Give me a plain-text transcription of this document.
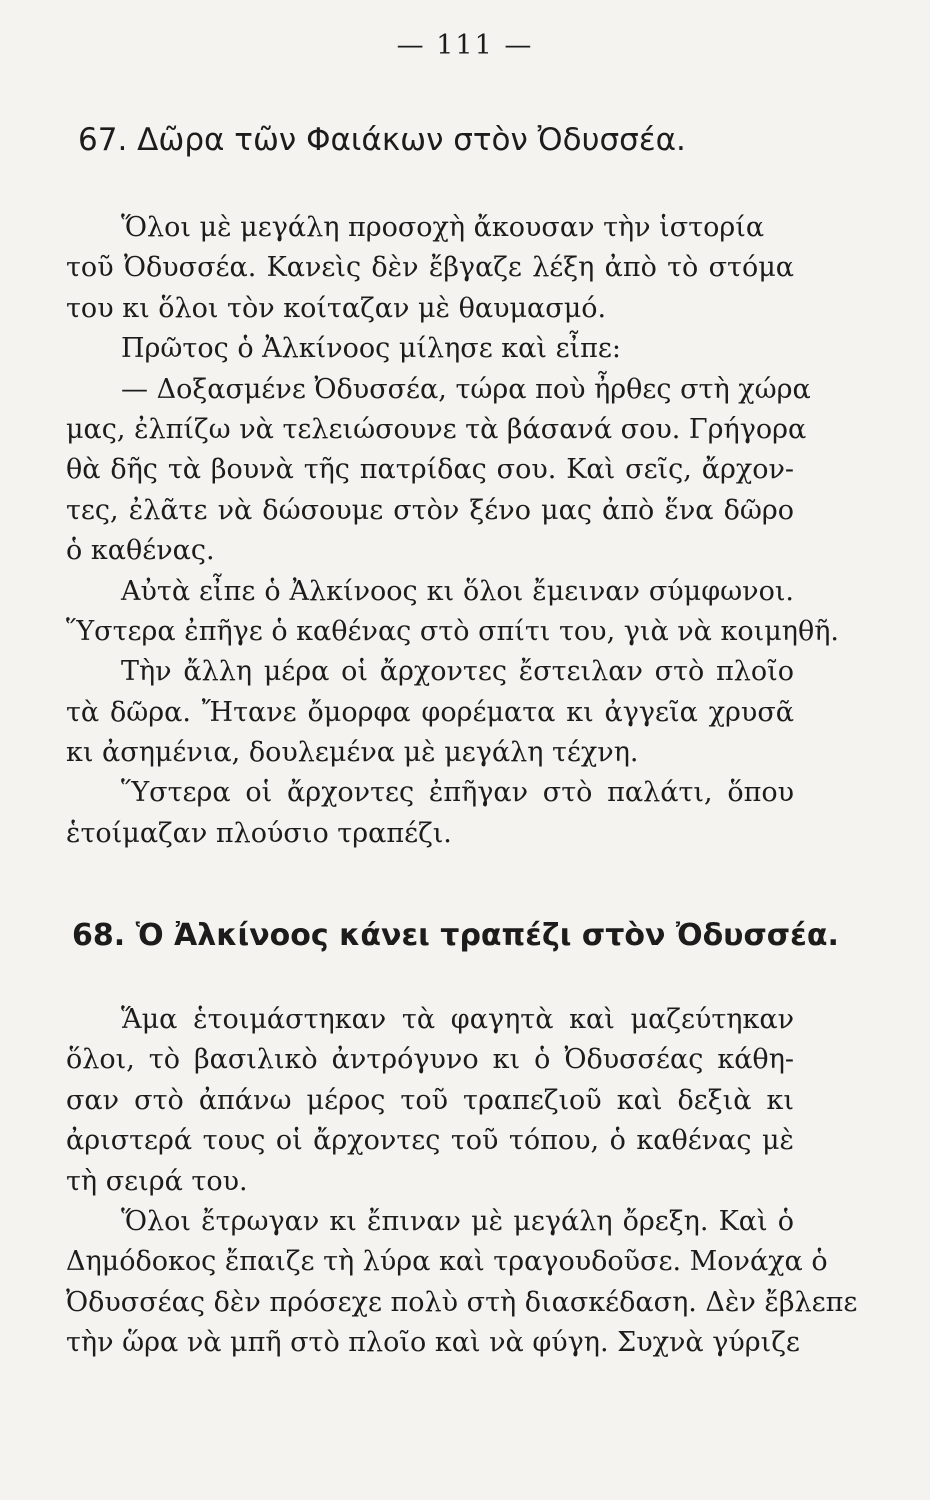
— 111 —
67. Δῶρα τῶν Φαιάκων στὸν Ὀδυσσέα.
Ὅλοι μὲ μεγάλη προσοχὴ ἄκουσαν τὴν ἱστορία
τοῦ Ὀδυσσέα. Κανεὶς δὲν ἔβγαζε λέξη ἀπὸ τὸ στόμα
του κι ὅλοι τὸν κοίταζαν μὲ θαυμασμό.
Πρῶτος ὁ Ἀλκίνοος μίλησε καὶ εἶπε:
— Δοξασμένε Ὀδυσσέα, τώρα ποὺ ἦρθες στὴ χώρα
μας, ἐλπίζω νὰ τελειώσουνε τὰ βάσανά σου. Γρήγορα
θὰ δῆς τὰ βουνὰ τῆς πατρίδας σου. Καὶ σεῖς, ἄρχον-
τες, ἐλᾶτε νὰ δώσουμε στὸν ξένο μας ἀπὸ ἕνα δῶρο
ὁ καθένας.
Αὐτὰ εἶπε ὁ Ἀλκίνοος κι ὅλοι ἔμειναν σύμφωνοι.
Ὕστερα ἐπῆγε ὁ καθένας στὸ σπίτι του, γιὰ νὰ κοιμηθῆ.
Τὴν ἄλλη μέρα οἱ ἄρχοντες ἔστειλαν στὸ πλοῖο
τὰ δῶρα. Ἤτανε ὄμορφα φορέματα κι ἀγγεῖα χρυσᾶ
κι ἀσημένια, δουλεμένα μὲ μεγάλη τέχνη.
Ὕστερα οἱ ἄρχοντες ἐπῆγαν στὸ παλάτι, ὅπου
ἑτοίμαζαν πλούσιο τραπέζι.
68. Ὁ Ἀλκίνοος κάνει τραπέζι στὸν Ὀδυσσέα.
Ἅμα ἑτοιμάστηκαν τὰ φαγητὰ καὶ μαζεύτηκαν
ὅλοι, τὸ βασιλικὸ ἀντρόγυνο κι ὁ Ὀδυσσέας κάθη-
σαν στὸ ἀπάνω μέρος τοῦ τραπεζιοῦ καὶ δεξιὰ κι
ἀριστερά τους οἱ ἄρχοντες τοῦ τόπου, ὁ καθένας μὲ
τὴ σειρά του.
Ὅλοι ἔτρωγαν κι ἔπιναν μὲ μεγάλη ὄρεξη. Καὶ ὁ
Δημόδοκος ἔπαιζε τὴ λύρα καὶ τραγουδοῦσε. Μονάχα ὁ
Ὀδυσσέας δὲν πρόσεχε πολὺ στὴ διασκέδαση. Δὲν ἔβλεπε
τὴν ὥρα νὰ μπῆ στὸ πλοῖο καὶ νὰ φύγη. Συχνὰ γύριζε
